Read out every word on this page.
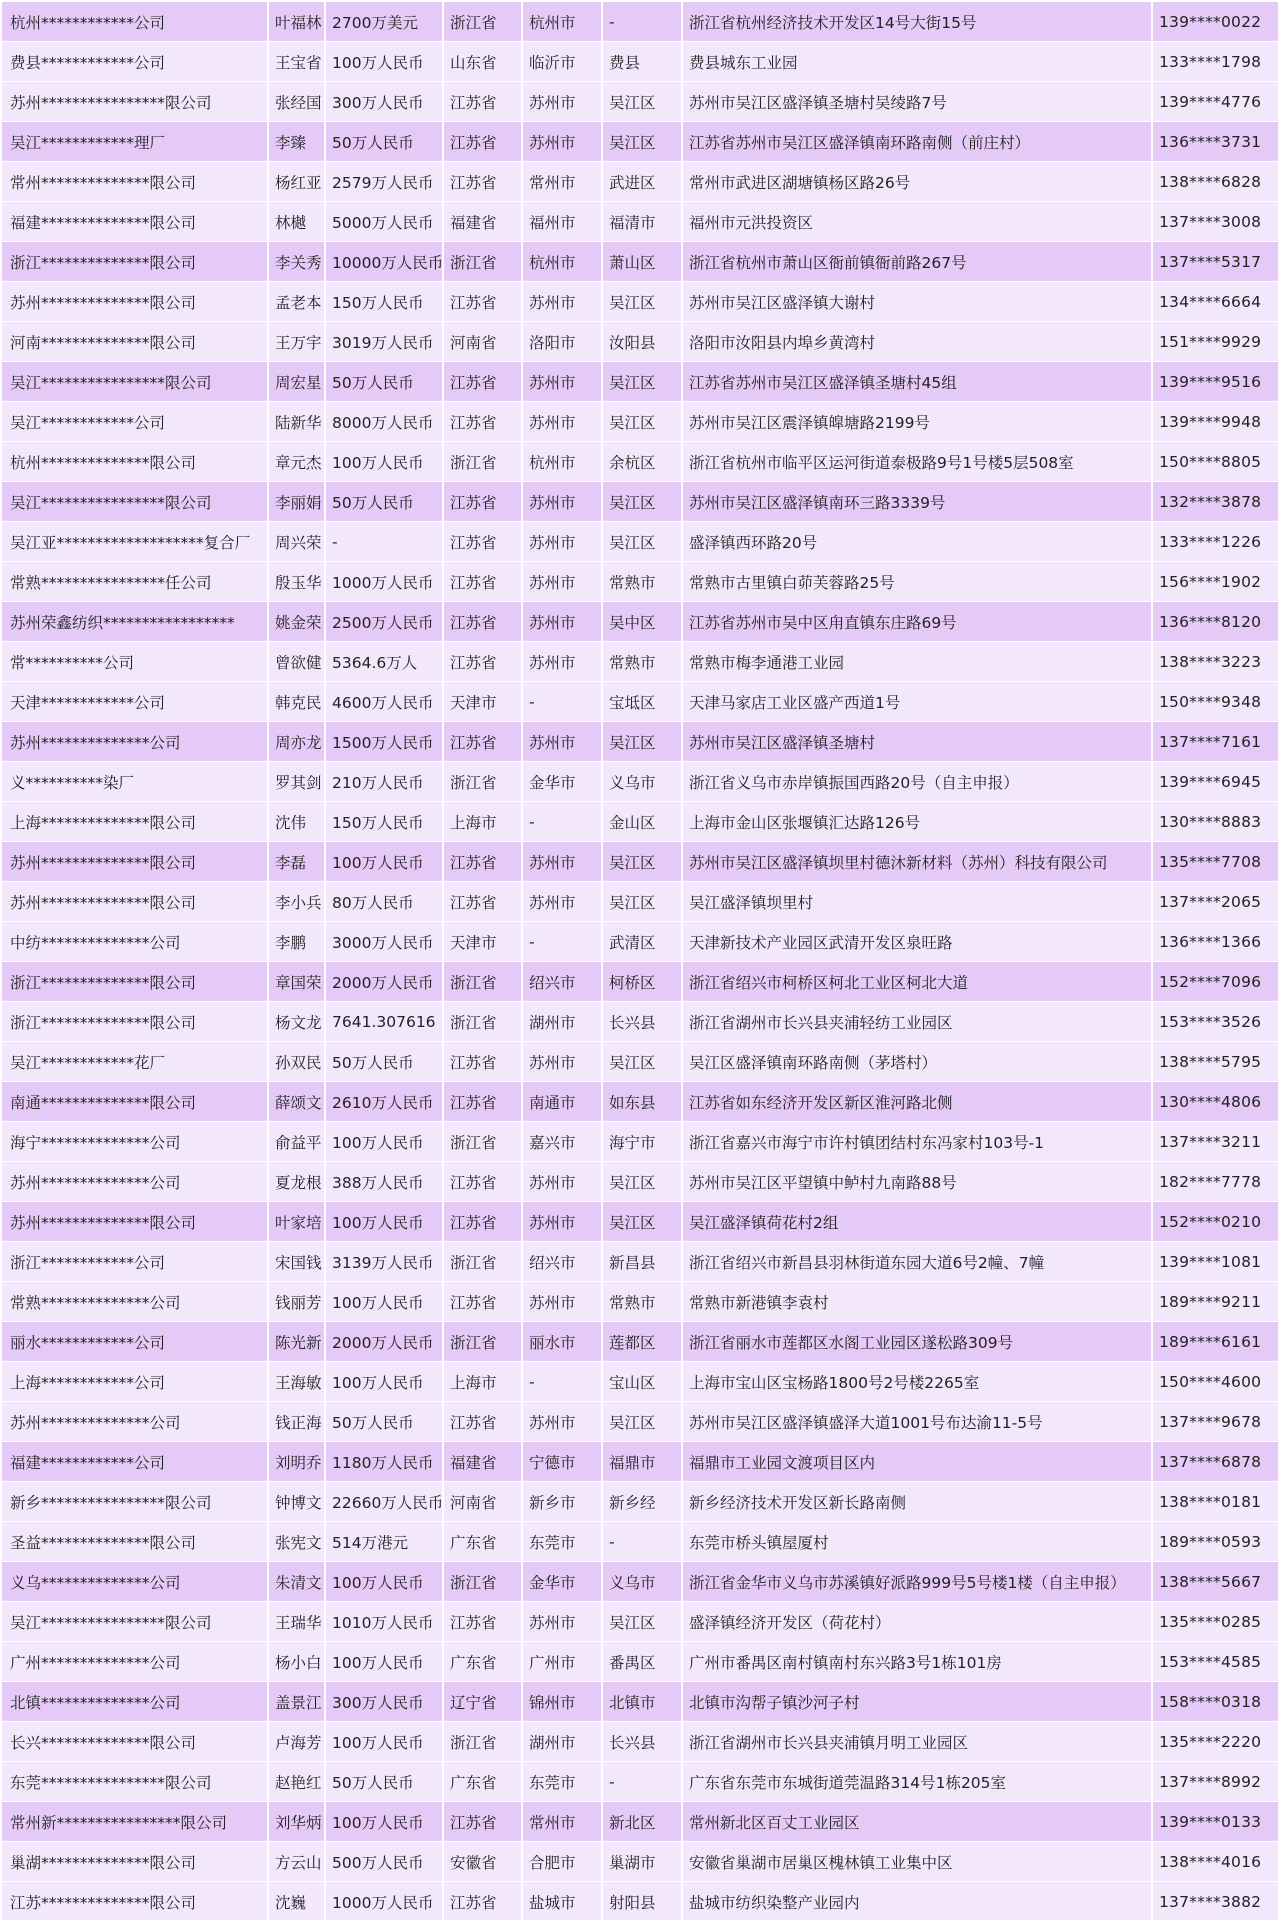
杭州************公司	叶福林	2700万美元	浙江省	杭州市	-	浙江省杭州经济技术开发区14号大街15号	139****0022
费县************公司	王宝省	100万人民币	山东省	临沂市	费县	费县城东工业园	133****1798
苏州****************限公司	张经国	300万人民币	江苏省	苏州市	吴江区	苏州市吴江区盛泽镇圣塘村吴绫路7号	139****4776
吴江************理厂	李臻	50万人民币	江苏省	苏州市	吴江区	江苏省苏州市吴江区盛泽镇南环路南侧（前庄村）	136****3731
常州**************限公司	杨红亚	2579万人民币	江苏省	常州市	武进区	常州市武进区湖塘镇杨区路26号	138****6828
福建**************限公司	林樾	5000万人民币	福建省	福州市	福清市	福州市元洪投资区	137****3008
浙江**************限公司	李关秀	10000万人民币	浙江省	杭州市	萧山区	浙江省杭州市萧山区衙前镇衙前路267号	137****5317
苏州**************限公司	孟老本	150万人民币	江苏省	苏州市	吴江区	苏州市吴江区盛泽镇大谢村	134****6664
河南**************限公司	王万宇	3019万人民币	河南省	洛阳市	汝阳县	洛阳市汝阳县内埠乡黄湾村	151****9929
吴江****************限公司	周宏星	50万人民币	江苏省	苏州市	吴江区	江苏省苏州市吴江区盛泽镇圣塘村45组	139****9516
吴江************公司	陆新华	8000万人民币	江苏省	苏州市	吴江区	苏州市吴江区震泽镇皡塘路2199号	139****9948
杭州**************限公司	章元杰	100万人民币	浙江省	杭州市	余杭区	浙江省杭州市临平区运河街道泰极路9号1号楼5层508室	150****8805
吴江****************限公司	李丽娟	50万人民币	江苏省	苏州市	吴江区	苏州市吴江区盛泽镇南环三路3339号	132****3878
吴江亚*******************复合厂	周兴荣	-	江苏省	苏州市	吴江区	盛泽镇西环路20号	133****1226
常熟****************任公司	殷玉华	1000万人民币	江苏省	苏州市	常熟市	常熟市古里镇白茆芙蓉路25号	156****1902
苏州荣鑫纺织*****************	姚金荣	2500万人民币	江苏省	苏州市	吴中区	江苏省苏州市吴中区甪直镇东庄路69号	136****8120
常**********公司	曾欲健	5364.6万人	江苏省	苏州市	常熟市	常熟市梅李通港工业园	138****3223
天津************公司	韩克民	4600万人民币	天津市	-	宝坻区	天津马家店工业区盛产西道1号	150****9348
苏州**************公司	周亦龙	1500万人民币	江苏省	苏州市	吴江区	苏州市吴江区盛泽镇圣塘村	137****7161
义**********染厂	罗其剑	210万人民币	浙江省	金华市	义乌市	浙江省义乌市赤岸镇振国西路20号（自主申报）	139****6945
上海**************限公司	沈伟	150万人民币	上海市	-	金山区	上海市金山区张堰镇汇达路126号	130****8883
苏州**************限公司	李磊	100万人民币	江苏省	苏州市	吴江区	苏州市吴江区盛泽镇坝里村德沐新材料（苏州）科技有限公司	135****7708
苏州**************限公司	李小兵	80万人民币	江苏省	苏州市	吴江区	吴江盛泽镇坝里村	137****2065
中纺**************公司	李鹏	3000万人民币	天津市	-	武清区	天津新技术产业园区武清开发区泉旺路	136****1366
浙江**************限公司	章国荣	2000万人民币	浙江省	绍兴市	柯桥区	浙江省绍兴市柯桥区柯北工业区柯北大道	152****7096
浙江**************限公司	杨文龙	7641.307616	浙江省	湖州市	长兴县	浙江省湖州市长兴县夹浦轻纺工业园区	153****3526
吴江************花厂	孙双民	50万人民币	江苏省	苏州市	吴江区	吴江区盛泽镇南环路南侧（茅塔村）	138****5795
南通**************限公司	薛颂文	2610万人民币	江苏省	南通市	如东县	江苏省如东经济开发区新区淮河路北侧	130****4806
海宁**************公司	俞益平	100万人民币	浙江省	嘉兴市	海宁市	浙江省嘉兴市海宁市许村镇团结村东冯家村103号-1	137****3211
苏州**************公司	夏龙根	388万人民币	江苏省	苏州市	吴江区	苏州市吴江区平望镇中鲈村九南路88号	182****7778
苏州**************限公司	叶家培	100万人民币	江苏省	苏州市	吴江区	吴江盛泽镇荷花村2组	152****0210
浙江************公司	宋国钱	3139万人民币	浙江省	绍兴市	新昌县	浙江省绍兴市新昌县羽林街道东园大道6号2幢、7幢	139****1081
常熟**************公司	钱丽芳	100万人民币	江苏省	苏州市	常熟市	常熟市新港镇李袁村	189****9211
丽水************公司	陈光新	2000万人民币	浙江省	丽水市	莲都区	浙江省丽水市莲都区水阁工业园区遂松路309号	189****6161
上海************公司	王海敏	100万人民币	上海市	-	宝山区	上海市宝山区宝杨路1800号2号楼2265室	150****4600
苏州**************公司	钱正海	50万人民币	江苏省	苏州市	吴江区	苏州市吴江区盛泽镇盛泽大道1001号布达渝11-5号	137****9678
福建************公司	刘明乔	1180万人民币	福建省	宁德市	福鼎市	福鼎市工业园文渡项目区内	137****6878
新乡****************限公司	钟博文	22660万人民币	河南省	新乡市	新乡经	新乡经济技术开发区新长路南侧	138****0181
圣益**************限公司	张宪文	514万港元	广东省	东莞市	-	东莞市桥头镇屋厦村	189****0593
义乌**************公司	朱清文	100万人民币	浙江省	金华市	义乌市	浙江省金华市义乌市苏溪镇好派路999号5号楼1楼（自主申报）	138****5667
吴江****************限公司	王瑞华	1010万人民币	江苏省	苏州市	吴江区	盛泽镇经济开发区（荷花村）	135****0285
广州**************公司	杨小白	100万人民币	广东省	广州市	番禺区	广州市番禺区南村镇南村东兴路3号1栋101房	153****4585
北镇**************公司	盖景江	300万人民币	辽宁省	锦州市	北镇市	北镇市沟帮子镇沙河子村	158****0318
长兴**************限公司	卢海芳	100万人民币	浙江省	湖州市	长兴县	浙江省湖州市长兴县夹浦镇月明工业园区	135****2220
东莞****************限公司	赵艳红	50万人民币	广东省	东莞市	-	广东省东莞市东城街道莞温路314号1栋205室	137****8992
常州新****************限公司	刘华炳	100万人民币	江苏省	常州市	新北区	常州新北区百丈工业园区	139****0133
巢湖**************限公司	方云山	500万人民币	安徽省	合肥市	巢湖市	安徽省巢湖市居巢区槐林镇工业集中区	138****4016
江苏**************限公司	沈巍	1000万人民币	江苏省	盐城市	射阳县	盐城市纺织染整产业园内	137****3882
